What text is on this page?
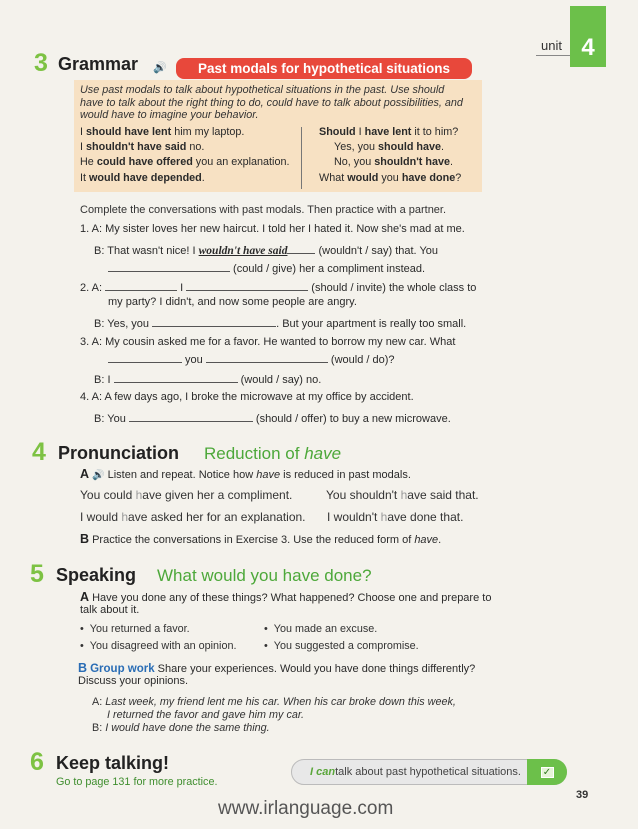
unit 4
3 Grammar 🔊	Past modals for hypothetical situations
Use past modals to talk about hypothetical situations in the past. Use should have to talk about the right thing to do, could have to talk about possibilities, and would have to imagine your behavior.
I should have lent him my laptop.
I shouldn't have said no.
He could have offered you an explanation.
It would have depended.
Should I have lent it to him?
Yes, you should have.
No, you shouldn't have.
What would you have done?
Complete the conversations with past modals. Then practice with a partner.
1. A: My sister loves her new haircut. I told her I hated it. Now she's mad at me.
B: That wasn't nice! I wouldn't have said	(wouldn't / say) that. You
(could / give) her a compliment instead.
2. A:	I	(should / invite) the whole class to
my party? I didn't, and now some people are angry.
B: Yes, you	. But your apartment is really too small.
3. A: My cousin asked me for a favor. He wanted to borrow my new car. What
you	(would / do)?
B: I	(would / say) no.
4. A: A few days ago, I broke the microwave at my office by accident.
B: You	(should / offer) to buy a new microwave.
4 Pronunciation Reduction of have
A 🔊 Listen and repeat. Notice how have is reduced in past modals.
You could have given her a compliment.	You shouldn't have said that.
I would have asked her for an explanation. I wouldn't have done that.
B Practice the conversations in Exercise 3. Use the reduced form of have.
5 Speaking What would you have done?
A Have you done any of these things? What happened? Choose one and prepare to
talk about it.
•  You returned a favor.	•  You made an excuse.
•  You disagreed with an opinion.	•  You suggested a compromise.
B Group work Share your experiences. Would you have done things differently?
Discuss your opinions.
A: Last week, my friend lent me his car. When his car broke down this week,
I returned the favor and gave him my car.
B: I would have done the same thing.
6 Keep talking!
Go to page 131 for more practice.
I can talk about past hypothetical situations. ✓
39
www.irlanguage.com
